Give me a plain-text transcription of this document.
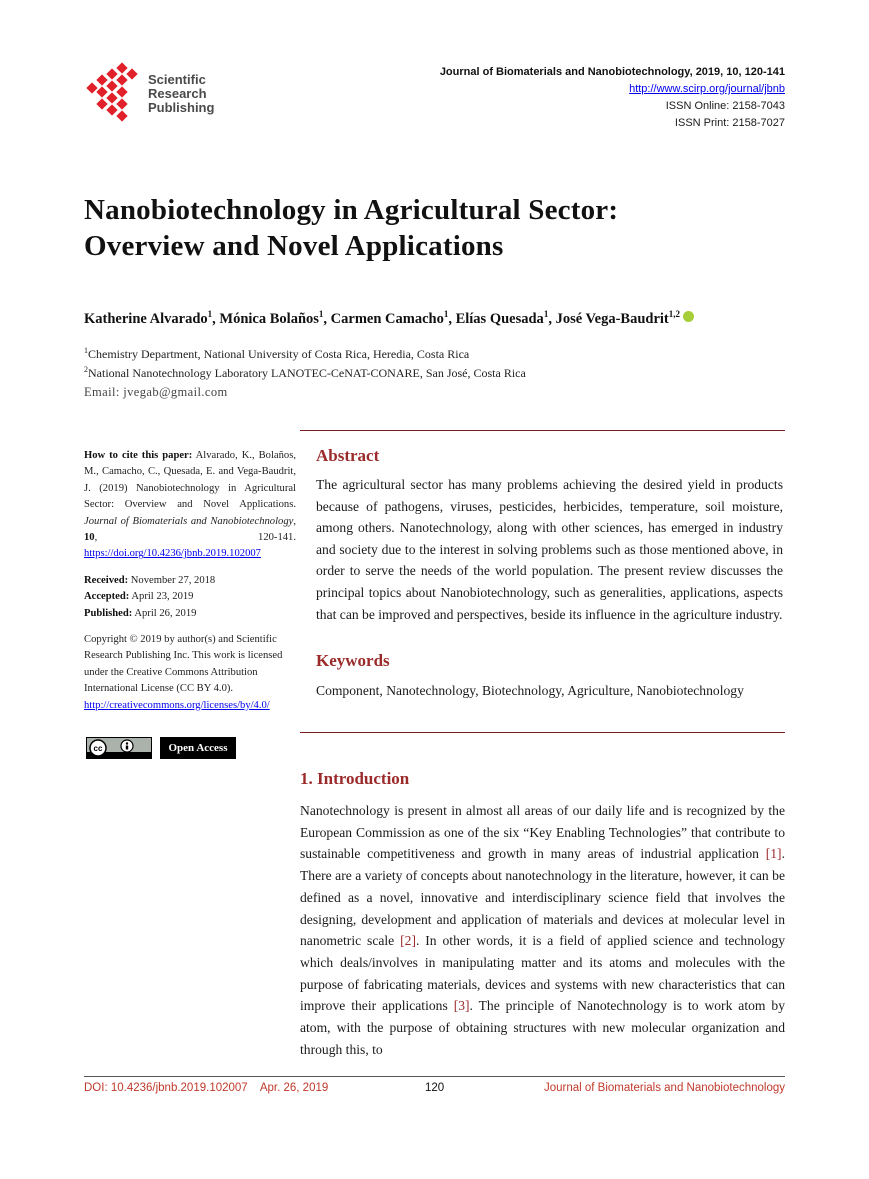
Scientific
Research
Publishing
Journal of Biomaterials and Nanobiotechnology, 2019, 10, 120-141
http://www.scirp.org/journal/jbnb
ISSN Online: 2158-7043
ISSN Print: 2158-7027
Nanobiotechnology in Agricultural Sector:
Overview and Novel Applications
Katherine Alvarado$^1$, Mónica Bolaños$^1$, Carmen Camacho$^1$, Elías Quesada$^1$, José Vega-Baudrit$^{1,2}$
$^1$Chemistry Department, National University of Costa Rica, Heredia, Costa Rica
$^2$National Nanotechnology Laboratory LANOTEC-CeNAT-CONARE, San José, Costa Rica
Email: jvegab@gmail.com
How to cite this paper: Alvarado, K., Bolaños, M., Camacho, C., Quesada, E. and Vega-Baudrit, J. (2019) Nanobiotechnology in Agricultural Sector: Overview and Novel Applications. Journal of Biomaterials and Nanobiotechnology, 10, 120-141. https://doi.org/10.4236/jbnb.2019.102007
Received: November 27, 2018
Accepted: April 23, 2019
Published: April 26, 2019
Copyright © 2019 by author(s) and Scientific Research Publishing Inc. This work is licensed under the Creative Commons Attribution International License (CC BY 4.0).
http://creativecommons.org/licenses/by/4.0/
cc	Open Access
Abstract
The agricultural sector has many problems achieving the desired yield in products because of pathogens, viruses, pesticides, herbicides, temperature, soil moisture, among others. Nanotechnology, along with other sciences, has emerged in industry and society due to the interest in solving problems such as those mentioned above, in order to serve the needs of the world population. The present review discusses the principal topics about Nanobiotechnology, such as generalities, applications, aspects that can be improved and perspectives, beside its influence in the agriculture industry.
Keywords
Component, Nanotechnology, Biotechnology, Agriculture, Nanobiotechnology
1. Introduction
Nanotechnology is present in almost all areas of our daily life and is recognized by the European Commission as one of the six “Key Enabling Technologies” that contribute to sustainable competitiveness and growth in many areas of industrial application [1]. There are a variety of concepts about nanotechnology in the literature, however, it can be defined as a novel, innovative and interdisciplinary science field that involves the designing, development and application of materials and devices at molecular level in nanometric scale [2]. In other words, it is a field of applied science and technology which deals/involves in manipulating matter and its atoms and molecules with the purpose of fabricating materials, devices and systems with new characteristics that can improve their applications [3]. The principle of Nanotechnology is to work atom by atom, with the purpose of obtaining structures with new molecular organization and through this, to
DOI: 10.4236/jbnb.2019.102007    Apr. 26, 2019	120	Journal of Biomaterials and Nanobiotechnology
